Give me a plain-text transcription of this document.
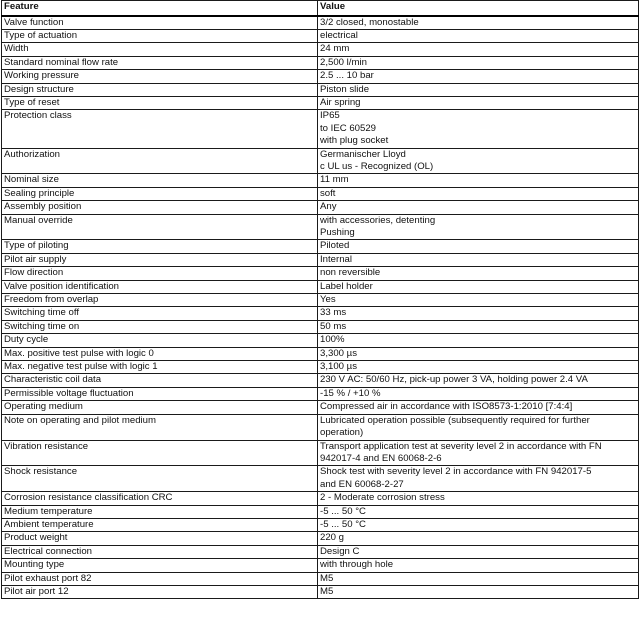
Feature	Value

Valve function	3/2 closed, monostable

Type of actuation	electrical

Width	24 mm

Standard nominal flow rate	2,500 l/min

Working pressure	2.5 ... 10 bar

Design structure	Piston slide

Type of reset	Air spring

Protection class	IP65
to IEC 60529
with plug socket

Authorization	Germanischer Lloyd
c UL us - Recognized (OL)

Nominal size	11 mm

Sealing principle	soft

Assembly position	Any

Manual override	with accessories, detenting
Pushing

Type of piloting	Piloted

Pilot air supply	Internal

Flow direction	non reversible

Valve position identification	Label holder

Freedom from overlap	Yes

Switching time off	33 ms

Switching time on	50 ms

Duty cycle	100%

Max. positive test pulse with logic 0	3,300 µs

Max. negative test pulse with logic 1	3,100 µs

Characteristic coil data	230 V AC: 50/60 Hz, pick-up power 3 VA, holding power 2.4 VA

Permissible voltage fluctuation	-15 % / +10 %

Operating medium	Compressed air in accordance with ISO8573-1:2010 [7:4:4]

Note on operating and pilot medium	Lubricated operation possible (subsequently required for further
operation)

Vibration resistance	Transport application test at severity level 2 in accordance with FN
942017-4 and EN 60068-2-6

Shock resistance	Shock test with severity level 2 in accordance with FN 942017-5
and EN 60068-2-27

Corrosion resistance classification CRC	2 - Moderate corrosion stress

Medium temperature	-5 ... 50 °C

Ambient temperature	-5 ... 50 °C

Product weight	220 g

Electrical connection	Design C

Mounting type	with through hole

Pilot exhaust port 82	M5

Pilot air port 12	M5
